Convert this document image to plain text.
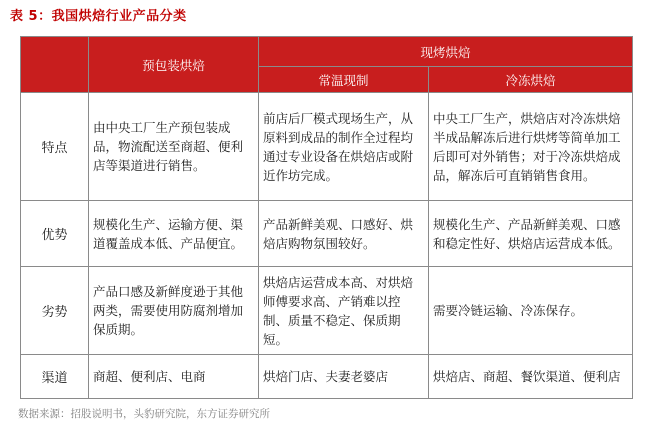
表 5：我国烘焙行业产品分类
	预包装烘焙	现烤烘焙	
		常温现制	冷冻烘焙
特点	由中央工厂生产预包装成品，物流配送至商超、便利店等渠道进行销售。	前店后厂模式现场生产，从原料到成品的制作全过程均通过专业设备在烘焙店或附近作坊完成。	中央工厂生产，烘焙店对冷冻烘焙半成品解冻后进行烘烤等简单加工后即可对外销售；对于冷冻烘焙成品，解冻后可直销销售食用。
优势	规模化生产、运输方便、渠道覆盖成本低、产品便宜。	产品新鲜美观、口感好、烘焙店购物氛围较好。	规模化生产、产品新鲜美观、口感和稳定性好、烘焙店运营成本低。
劣势	产品口感及新鲜度逊于其他两类，需要使用防腐剂增加保质期。	烘焙店运营成本高、对烘焙师傅要求高、产销难以控制、质量不稳定、保质期短。	需要冷链运输、冷冻保存。
渠道	商超、便利店、电商	烘焙门店、夫妻老婆店	烘焙店、商超、餐饮渠道、便利店
数据来源：招股说明书，头豹研究院，东方证券研究所
